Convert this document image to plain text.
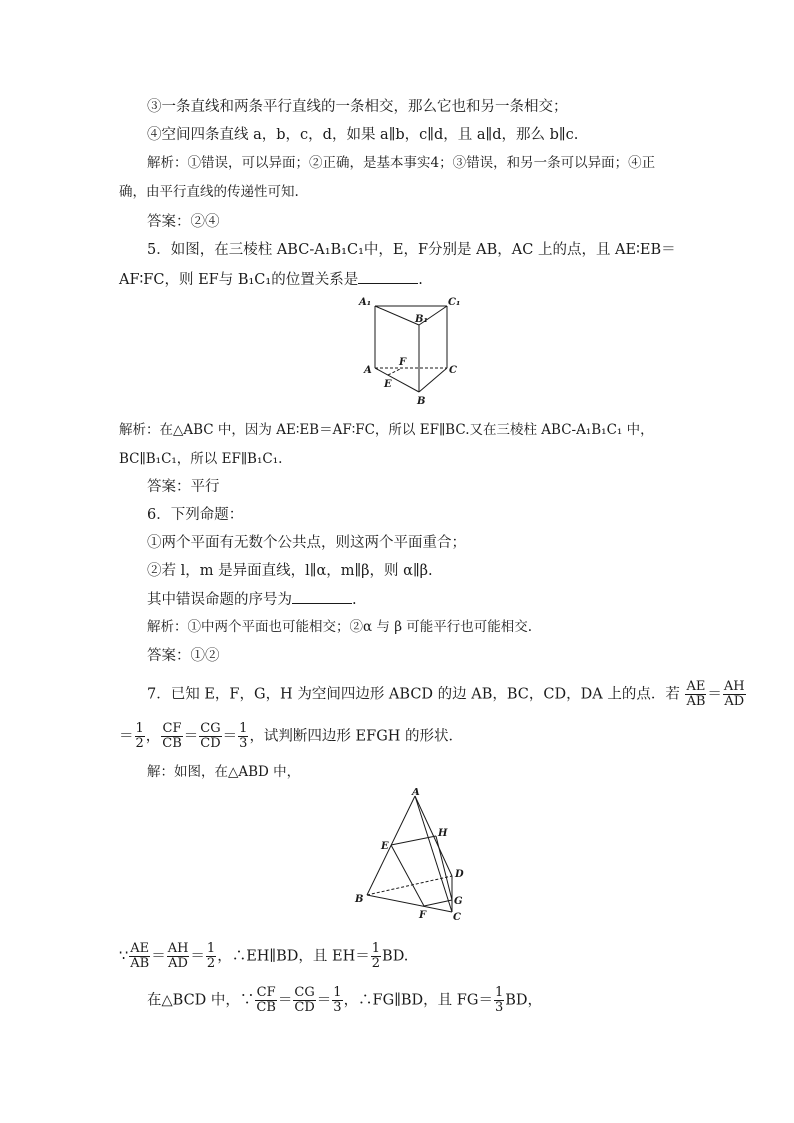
③一条直线和两条平行直线的一条相交，那么它也和另一条相交；
④空间四条直线 a，b，c，d，如果 a∥b，c∥d，且 a∥d，那么 b∥c.
解析：①错误，可以异面；②正确，是基本事实4；③错误，和另一条可以异面；④正
确，由平行直线的传递性可知.
答案：②④
5．如图，在三棱柱 ABC-A₁B₁C₁中，E，F分别是 AB，AC 上的点，且 AE∶EB＝
AF∶FC，则 EF与 B₁C₁的位置关系是	.
A₁
B₁
C₁
A
F
C
E
B
解析：在△ABC 中，因为 AE∶EB＝AF∶FC，所以 EF∥BC.又在三棱柱 ABC-A₁B₁C₁ 中，
BC∥B₁C₁，所以 EF∥B₁C₁.
答案：平行
6．下列命题：
①两个平面有无数个公共点，则这两个平面重合；
②若 l，m 是异面直线，l∥α，m∥β，则 α∥β.
其中错误命题的序号为	.
解析：①中两个平面也可能相交；②α 与 β 可能平行也可能相交.
答案：①②
7．已知 E，F，G，H 为空间四边形 ABCD 的边 AB，BC，CD，DA 上的点．若 $\frac{AE}{AB} = \frac{AH}{AD}$
＝ $\frac{1}{2}$ ， $\frac{CF}{CB} = \frac{CG}{CD} = \frac{1}{3}$ ，试判断四边形 EFGH 的形状．
解：如图，在△ABD 中，
A
H
E
D
B	G
F	C
∵ $\frac{AE}{AB} = \frac{AH}{AD} = \frac{1}{2}$ ，∴EH∥BD，且 $EH= \frac{1}{2}$ BD.
在△BCD 中，∵ $\frac{CF}{CB} = \frac{CG}{CD} = \frac{1}{3}$ ，∴FG∥BD，且 $FG= \frac{1}{3}$ BD，
